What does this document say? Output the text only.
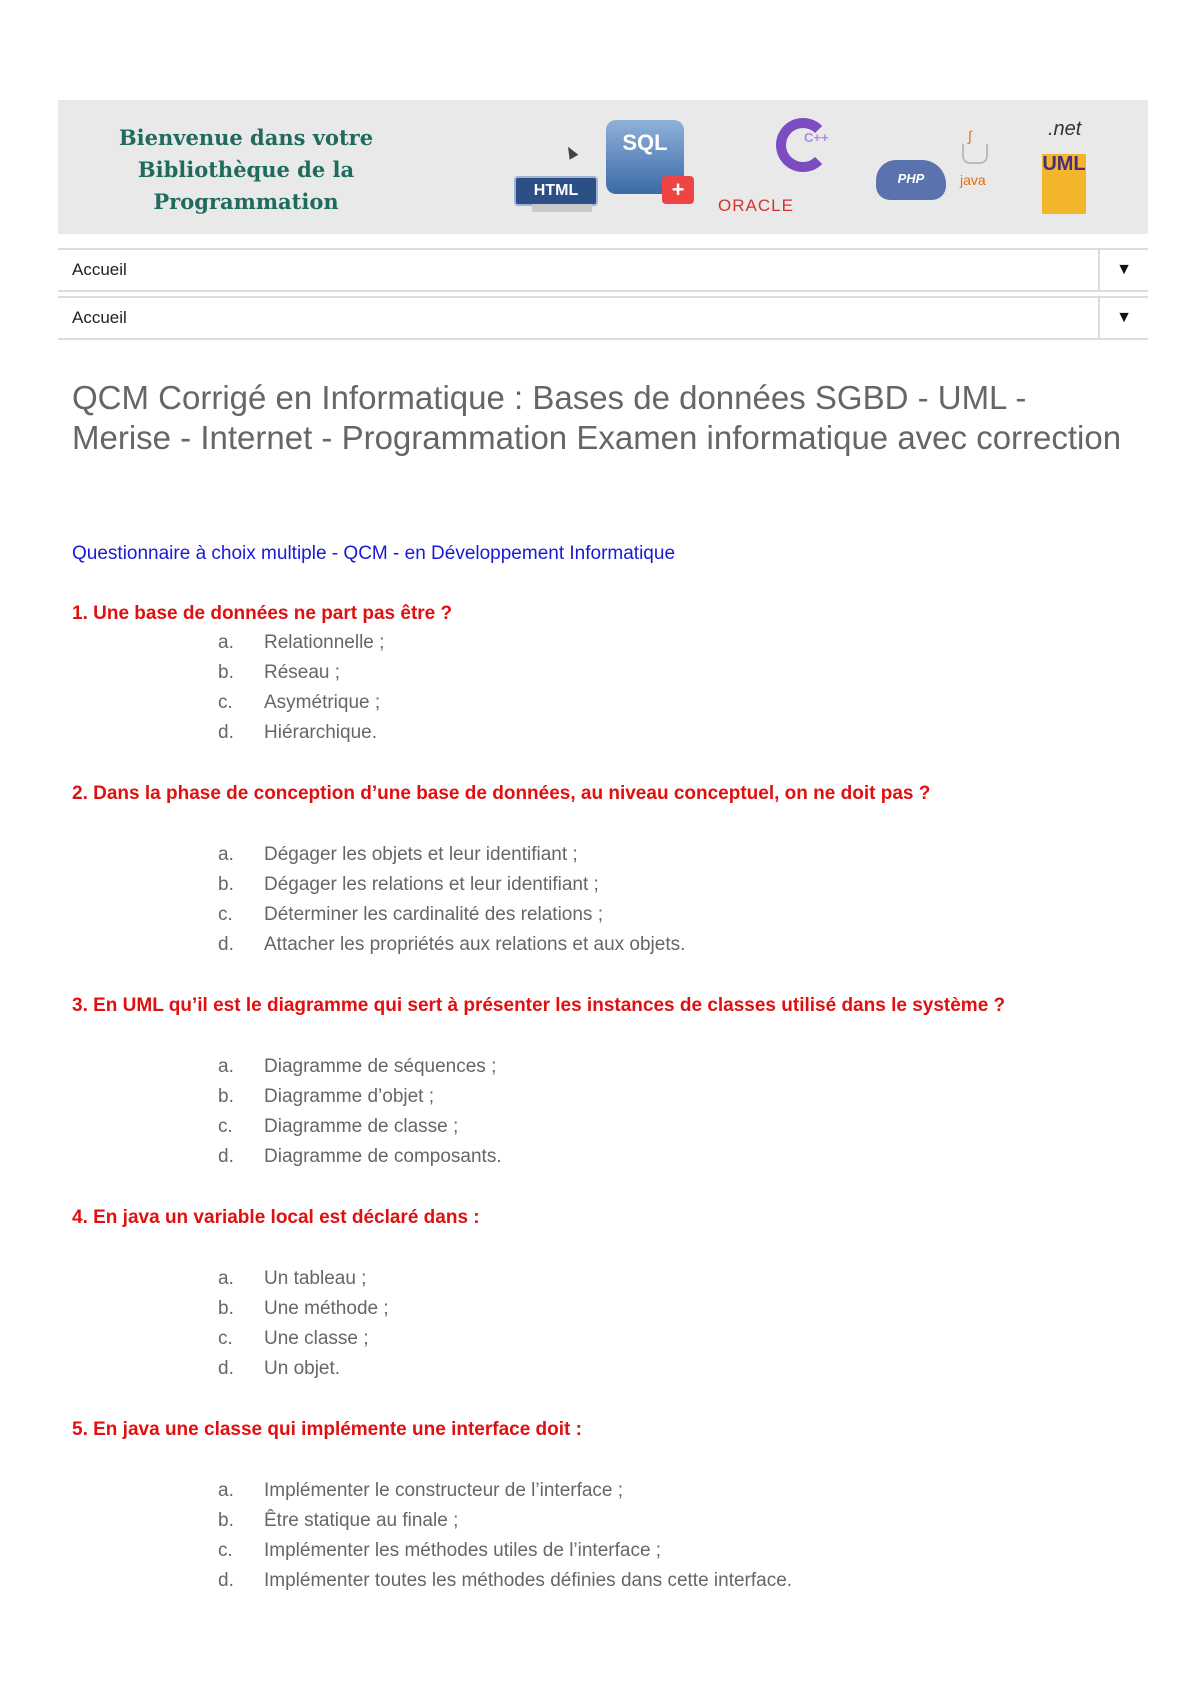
Bienvenue dans votre
Bibliothèque de la
Programmation	HTML
SQL
+
C++
ORACLE
PHP
∫
java
.net
UML
Accueil	▼
Accueil	▼
QCM Corrigé en Informatique : Bases de données SGBD - UML - Merise - Internet - Programmation Examen informatique avec correction

Questionnaire à choix multiple - QCM - en Développement Informatique

1. Une base de données ne part pas être ?

a. Relationnelle ;
b. Réseau ;
c. Asymétrique ;
d. Hiérarchique.

2. Dans la phase de conception d’une base de données, au niveau conceptuel, on ne doit pas ?

a. Dégager les objets et leur identifiant ;
b. Dégager les relations et leur identifiant ;
c. Déterminer les cardinalité des relations ;
d. Attacher les propriétés aux relations et aux objets.

3. En UML qu’il est le diagramme qui sert à présenter les instances de classes utilisé dans le système ?

a. Diagramme de séquences ;
b. Diagramme d’objet ;
c. Diagramme de classe ;
d. Diagramme de composants.

4. En java un variable local est déclaré dans :

a. Un tableau ;
b. Une méthode ;
c. Une classe ;
d. Un objet.

5. En java une classe qui implémente une interface doit :

a. Implémenter le constructeur de l’interface ;
b. Être statique au finale ;
c. Implémenter les méthodes utiles de l’interface ;
d. Implémenter toutes les méthodes définies dans cette interface.
